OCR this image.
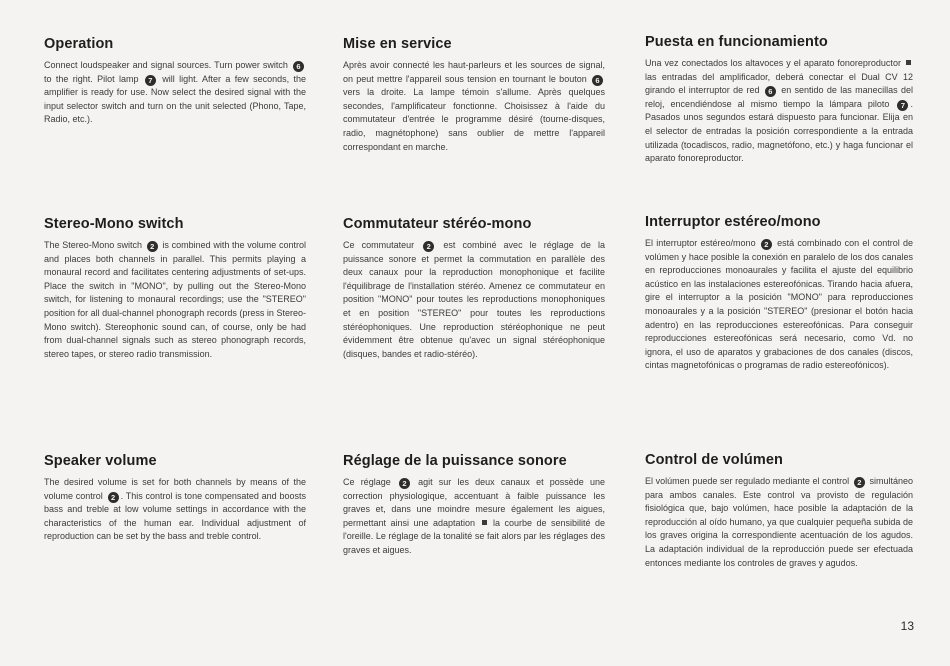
Operation

Connect loudspeaker and signal sources. Turn power switch 6 to the right. Pilot lamp 7 will light. After a few seconds, the amplifier is ready for use. Now select the desired signal with the input selector switch and turn on the unit selected (Phono, Tape, Radio, etc.).

Stereo-Mono switch

The Stereo-Mono switch 2 is combined with the volume control and places both channels in parallel. This permits playing a monaural record and facilitates centering adjustments of set-ups. Place the switch in "MONO", by pulling out the Stereo-Mono switch, for listening to monaural recordings; use the "STEREO" position for all dual-channel phonograph records (press in Stereo-Mono switch). Stereophonic sound can, of course, only be had from dual-channel signals such as stereo phonograph records, stereo tapes, or stereo radio transmission.

Speaker volume

The desired volume is set for both channels by means of the volume control 2 . This control is tone compensated and boosts bass and treble at low volume settings in accordance with the characteristics of the human ear. Individual adjustment of reproduction can be set by the bass and treble control.

Mise en service

Après avoir connecté les haut-parleurs et les sources de signal, on peut mettre l'appareil sous tension en tournant le bouton 6 vers la droite. La lampe témoin s'allume. Après quelques secondes, l'amplificateur fonctionne. Choisissez à l'aide du commutateur d'entrée le programme désiré (tourne-disques, radio, magnétophone) sans oublier de mettre l'appareil correspondant en marche.

Commutateur stéréo-mono

Ce commutateur 2 est combiné avec le réglage de la puissance sonore et permet la commutation en parallèle des deux canaux pour la reproduction monophonique et facilite l'équilibrage de l'installation stéréo. Amenez ce commutateur en position "MONO" pour toutes les reproductions monophoniques et en position "STEREO" pour toutes les reproductions stéréophoniques. Une reproduction stéréophonique ne peut évidemment être obtenue qu'avec un signal stéréophonique (disques, bandes et radio-stéréo).

Réglage de la puissance sonore

Ce réglage 2 agit sur les deux canaux et possède une correction physiologique, accentuant à faible puissance les graves et, dans une moindre mesure également les aigues, permettant ainsi une adaptation la courbe de sensibilité de l'oreille. Le réglage de la tonalité se fait alors par les réglages des graves et aigues.

Puesta en funcionamiento

Una vez conectados los altavoces y el aparato fonoreproductor  las entradas del amplificador, deberá conectar el Dual CV 12 girando el interruptor de red 6 en sentido de las manecillas del reloj, encendiéndose al mismo tiempo la lámpara piloto 7 . Pasados unos segundos estará dispuesto para funcionar. Elija en el selector de entradas la posición correspondiente a la entrada utilizada (tocadiscos, radio, magnetófono, etc.) y haga funcionar el aparato fonoreproductor.

Interruptor estéreo/mono

El interruptor estéreo/mono 2 está combinado con el control de volúmen y hace posible la conexión en paralelo de los dos canales en reproducciones monoaurales y facilita el ajuste del equilibrio acústico en las instalaciones estereofónicas. Tirando hacia afuera, gire el interruptor a la posición "MONO" para reproducciones monoaurales y a la posición "STEREO" (presionar el botón hacia adentro) en las reproducciones estereofónicas. Para conseguir reproducciones estereofónicas será necesario, como Vd. no ignora, el uso de aparatos y grabaciones de dos canales (discos, cintas magnetofónicas o programas de radio estereofónicos).

Control de volúmen

El volúmen puede ser regulado mediante el control 2 simultáneo para ambos canales. Este control va provisto de regulación fisiológica que, bajo volúmen, hace posible la adaptación de la reproducción al oído humano, ya que cualquier pequeña subida de los graves origina la correspondiente acentuación de los agudos. La adaptación individual de la reproducción puede ser efectuada entonces mediante los controles de graves y agudos.

13
